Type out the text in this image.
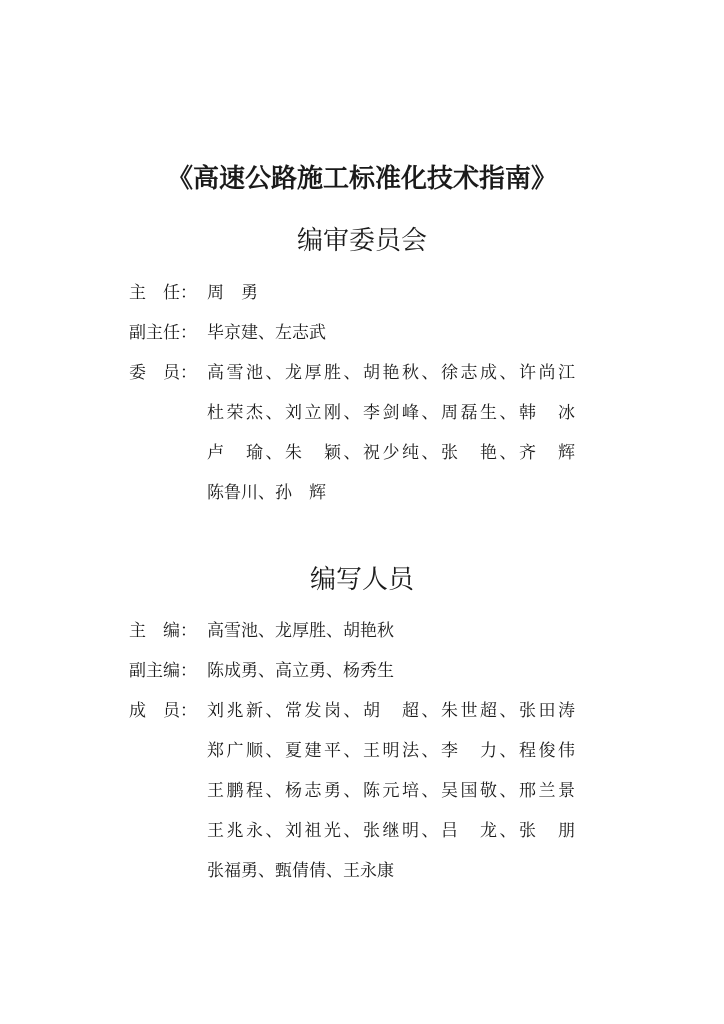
《高速公路施工标准化技术指南》
编审委员会
主　任： 周　勇
副主任： 毕京建、左志武
委　员： 高雪池、龙厚胜、胡艳秋、徐志成、许尚江
杜荣杰、刘立刚、李剑峰、周磊生、韩　冰
卢　瑜、朱　颖、祝少纯、张　艳、齐　辉
陈鲁川、孙　辉
编写人员
主　编： 高雪池、龙厚胜、胡艳秋
副主编： 陈成勇、高立勇、杨秀生
成　员： 刘兆新、常发岗、胡　超、朱世超、张田涛
郑广顺、夏建平、王明法、李　力、程俊伟
王鹏程、杨志勇、陈元培、吴国敬、邢兰景
王兆永、刘祖光、张继明、吕　龙、张　朋
张福勇、甄倩倩、王永康
